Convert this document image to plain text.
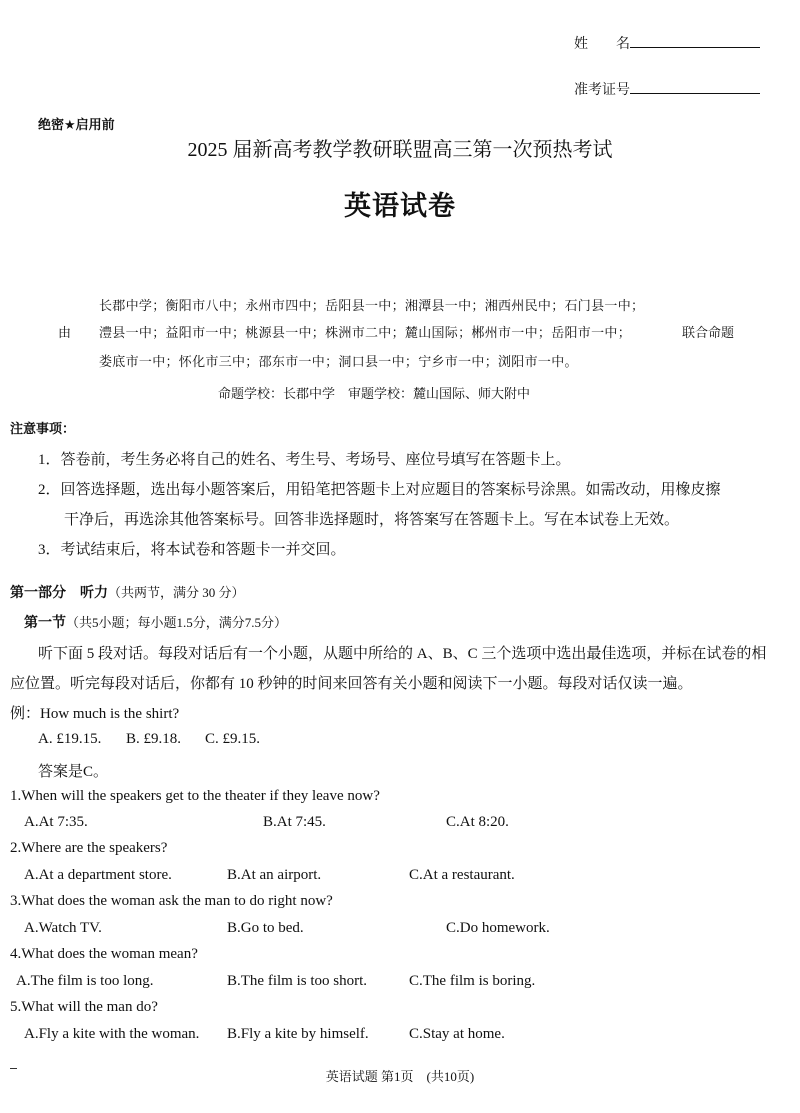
姓　　名
准考证号
绝密★启用前
2025 届新高考教学教研联盟高三第一次预热考试
英语试卷
长郡中学；衡阳市八中；永州市四中；岳阳县一中；湘潭县一中；湘西州民中；石门县一中；
由 澧县一中；益阳市一中；桃源县一中；株洲市二中；麓山国际；郴州市一中；岳阳市一中；	联合命题
娄底市一中；怀化市三中；邵东市一中；洞口县一中；宁乡市一中；浏阳市一中。
命题学校：长郡中学　审题学校：麓山国际、师大附中
注意事项：
1．答卷前，考生务必将自己的姓名、考生号、考场号、座位号填写在答题卡上。
2．回答选择题，选出每小题答案后，用铅笔把答题卡上对应题目的答案标号涂黑。如需改动，用橡皮擦
干净后，再选涂其他答案标号。回答非选择题时，将答案写在答题卡上。写在本试卷上无效。
3．考试结束后，将本试卷和答题卡一并交回。
第一部分　听力（共两节，满分 30 分）
第一节（共5小题；每小题1.5分，满分7.5分）
听下面 5 段对话。每段对话后有一个小题，从题中所给的 A、B、C 三个选项中选出最佳选项，并标在试卷的相
应位置。听完每段对话后，你都有 10 秒钟的时间来回答有关小题和阅读下一小题。每段对话仅读一遍。
例：How much is the shirt?
A. £19.15. B. £9.18. C. £9.15.
答案是C。
1.When will the speakers get to the theater if they leave now?
A.At 7:35.	B.At 7:45.	C.At 8:20.
2.Where are the speakers?
A.At a department store.	B.At an airport.	C.At a restaurant.
3.What does the woman ask the man to do right now?
A.Watch TV.	B.Go to bed.	C.Do homework.
4.What does the woman mean?
A.The film is too long.	B.The film is too short.	C.The film is boring.
5.What will the man do?
A.Fly a kite with the woman. B.Fly a kite by himself.	C.Stay at home.
英语试题 第1页　(共10页)
